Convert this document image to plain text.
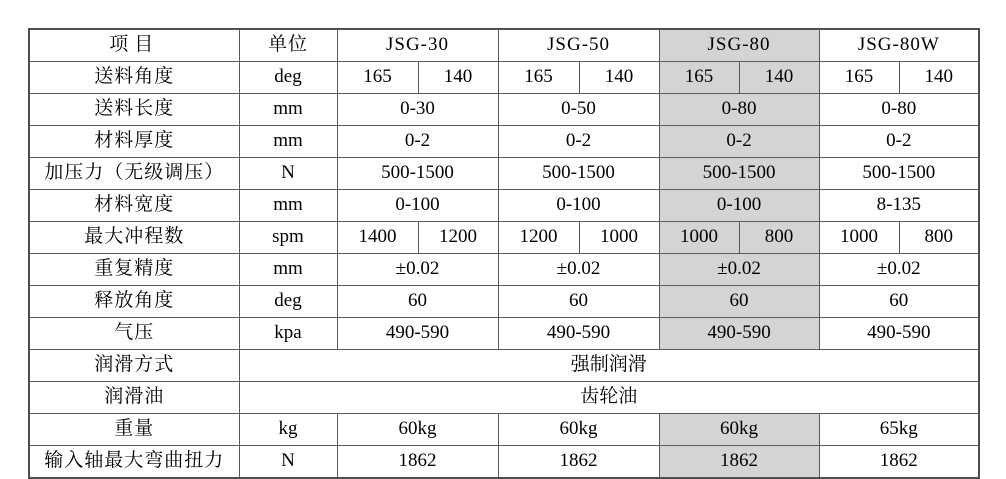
项目	单位	JSG-30		JSG-50		JSG-80		JSG-80W	
送料角度	deg	165	140	165	140	165	140	165	140
送料长度	mm	0-30		0-50		0-80		0-80	
材料厚度	mm	0-2		0-2		0-2		0-2	
加压力（无级调压）	N	500-1500		500-1500		500-1500		500-1500	
材料宽度	mm	0-100		0-100		0-100		8-135	
最大冲程数	spm	1400	1200	1200	1000	1000	800	1000	800
重复精度	mm	±0.02		±0.02		±0.02		±0.02	
释放角度	deg	60		60		60		60	
气压	kpa	490-590		490-590		490-590		490-590	
润滑方式	强制润滑								
润滑油	齿轮油								
重量	kg	60kg		60kg		60kg		65kg	
输入轴最大弯曲扭力	N	1862		1862		1862		1862	
